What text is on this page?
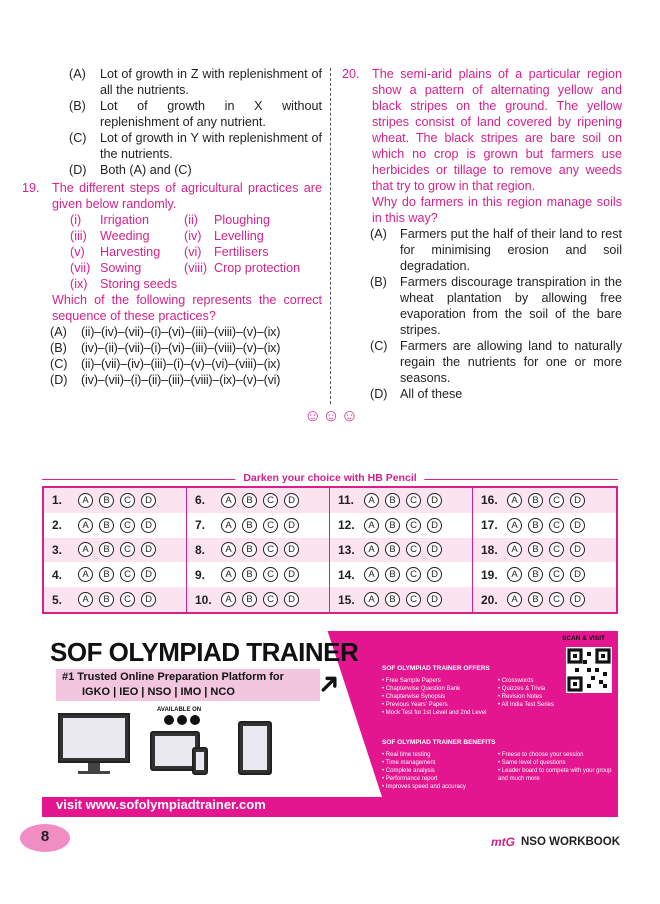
(A)	Lot of growth in Z with replenishment of all the nutrients.
(B)	Lot of growth in X without replenishment of any nutrient.
(C)	Lot of growth in Y with replenishment of the nutrients.
(D)	Both (A) and (C)
19. The different steps of agricultural practices are given below randomly.
(i)	Irrigation	(ii)	Ploughing
(iii)	Weeding	(iv) Levelling
(v)	Harvesting (vi) Fertilisers
(vii) Sowing	(viii) Crop protection
(ix) Storing seeds
Which of the following represents the correct sequence of these practices?
(A)	(ii)–(iv)–(vii)–(i)–(vi)–(iii)–(viii)–(v)–(ix)
(B)	(iv)–(ii)–(vii)–(i)–(vi)–(iii)–(viii)–(v)–(ix)
(C)	(ii)–(vii)–(iv)–(iii)–(i)–(v)–(vi)–(viii)–(ix)
(D)	(iv)–(vii)–(i)–(ii)–(iii)–(viii)–(ix)–(v)–(vi)
20. The semi-arid plains of a particular region show a pattern of alternating yellow and black stripes on the ground. The yellow stripes consist of land covered by ripening wheat. The black stripes are bare soil on which no crop is grown but farmers use herbicides or tillage to remove any weeds that try to grow in that region.
Why do farmers in this region manage soils in this way?
(A)	Farmers put the half of their land to rest for minimising erosion and soil degradation.
(B)	Farmers discourage transpiration in the wheat plantation by allowing free evaporation from the soil of the bare stripes.
(C) Farmers are allowing land to naturally regain the nutrients for one or more seasons.
(D) All of these
☺☺☺
Darken your choice with HB Pencil
1.	A	B	C	D	6.	A	B	C	D	11.	A	B	C	D	16.	A	B	C	D
2.	A	B	C	D	7.	A	B	C	D	12.	A	B	C	D	17.	A	B	C	D
3.	A	B	C	D	8.	A	B	C	D	13.	A	B	C	D	18.	A	B	C	D
4.	A	B	C	D	9.	A	B	C	D	14.	A	B	C	D	19.	A	B	C	D
5.	A	B	C	D	10.	A	B	C	D	15.	A	B	C	D	20.	A	B	C	D
SOF OLYMPIAD TRAINER
#1 Trusted Online Preparation Platform for
IGKO | IEO | NSO | IMO | NCO	➜
AVAILABLE ON
visit www.sofolympiadtrainer.com
SOF OLYMPIAD TRAINER OFFERS
• Free Sample Papers
• Chapterwise Question Bank
• Chapterwise Synopsis
• Previous Years' Papers
• Mock Test for 1st Level and 2nd Level
• Crosswords
• Quizzes & Trivia
• Revision Notes
• All India Test Series
SOF OLYMPIAD TRAINER BENEFITS
• Real time testing
• Time management
• Complete analysis
• Performance report
• Improves speed and accuracy
• Freese to choose your session
• Same level of questions
• Leader board to compete with your group and much more
SCAN & VISIT
8	mtG NSO WORKBOOK
